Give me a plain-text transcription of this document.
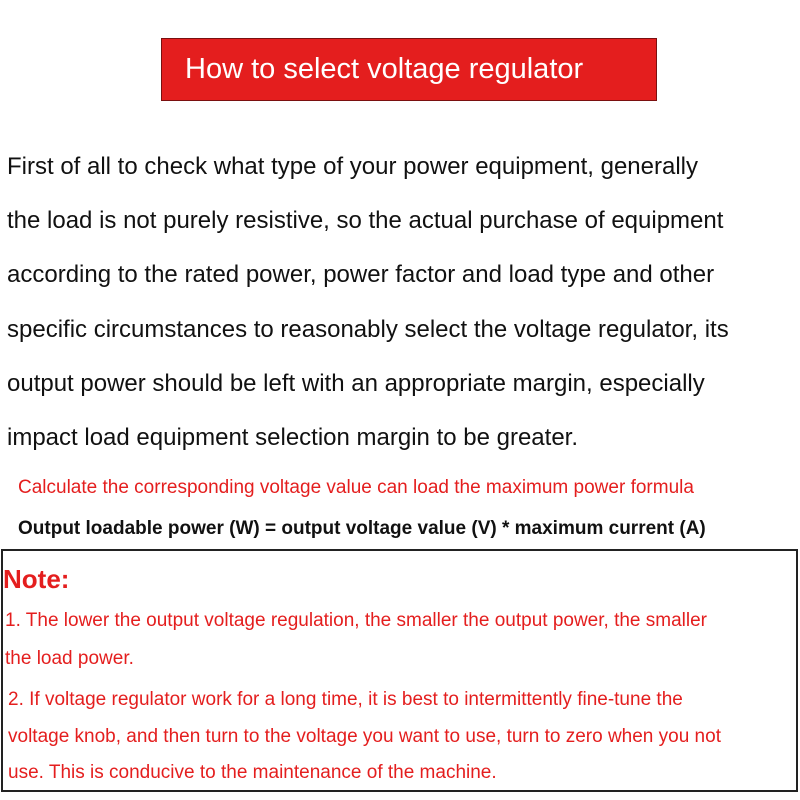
How to select voltage regulator
First of all to check what type of your power equipment, generally
the load is not purely resistive, so the actual purchase of equipment
according to the rated power, power factor and load type and other
specific circumstances to reasonably select the voltage regulator, its
output power should be left with an appropriate margin, especially
impact load equipment selection margin to be greater.
Calculate the corresponding voltage value can load the maximum power formula
Output loadable power (W) = output voltage value (V) * maximum current (A)
Note:
1. The lower the output voltage regulation, the smaller the output power, the smaller
the load power.
2. If voltage regulator work for a long time, it is best to intermittently fine-tune the
voltage knob, and then turn to the voltage you want to use, turn to zero when you not
use. This is conducive to the maintenance of the machine.
